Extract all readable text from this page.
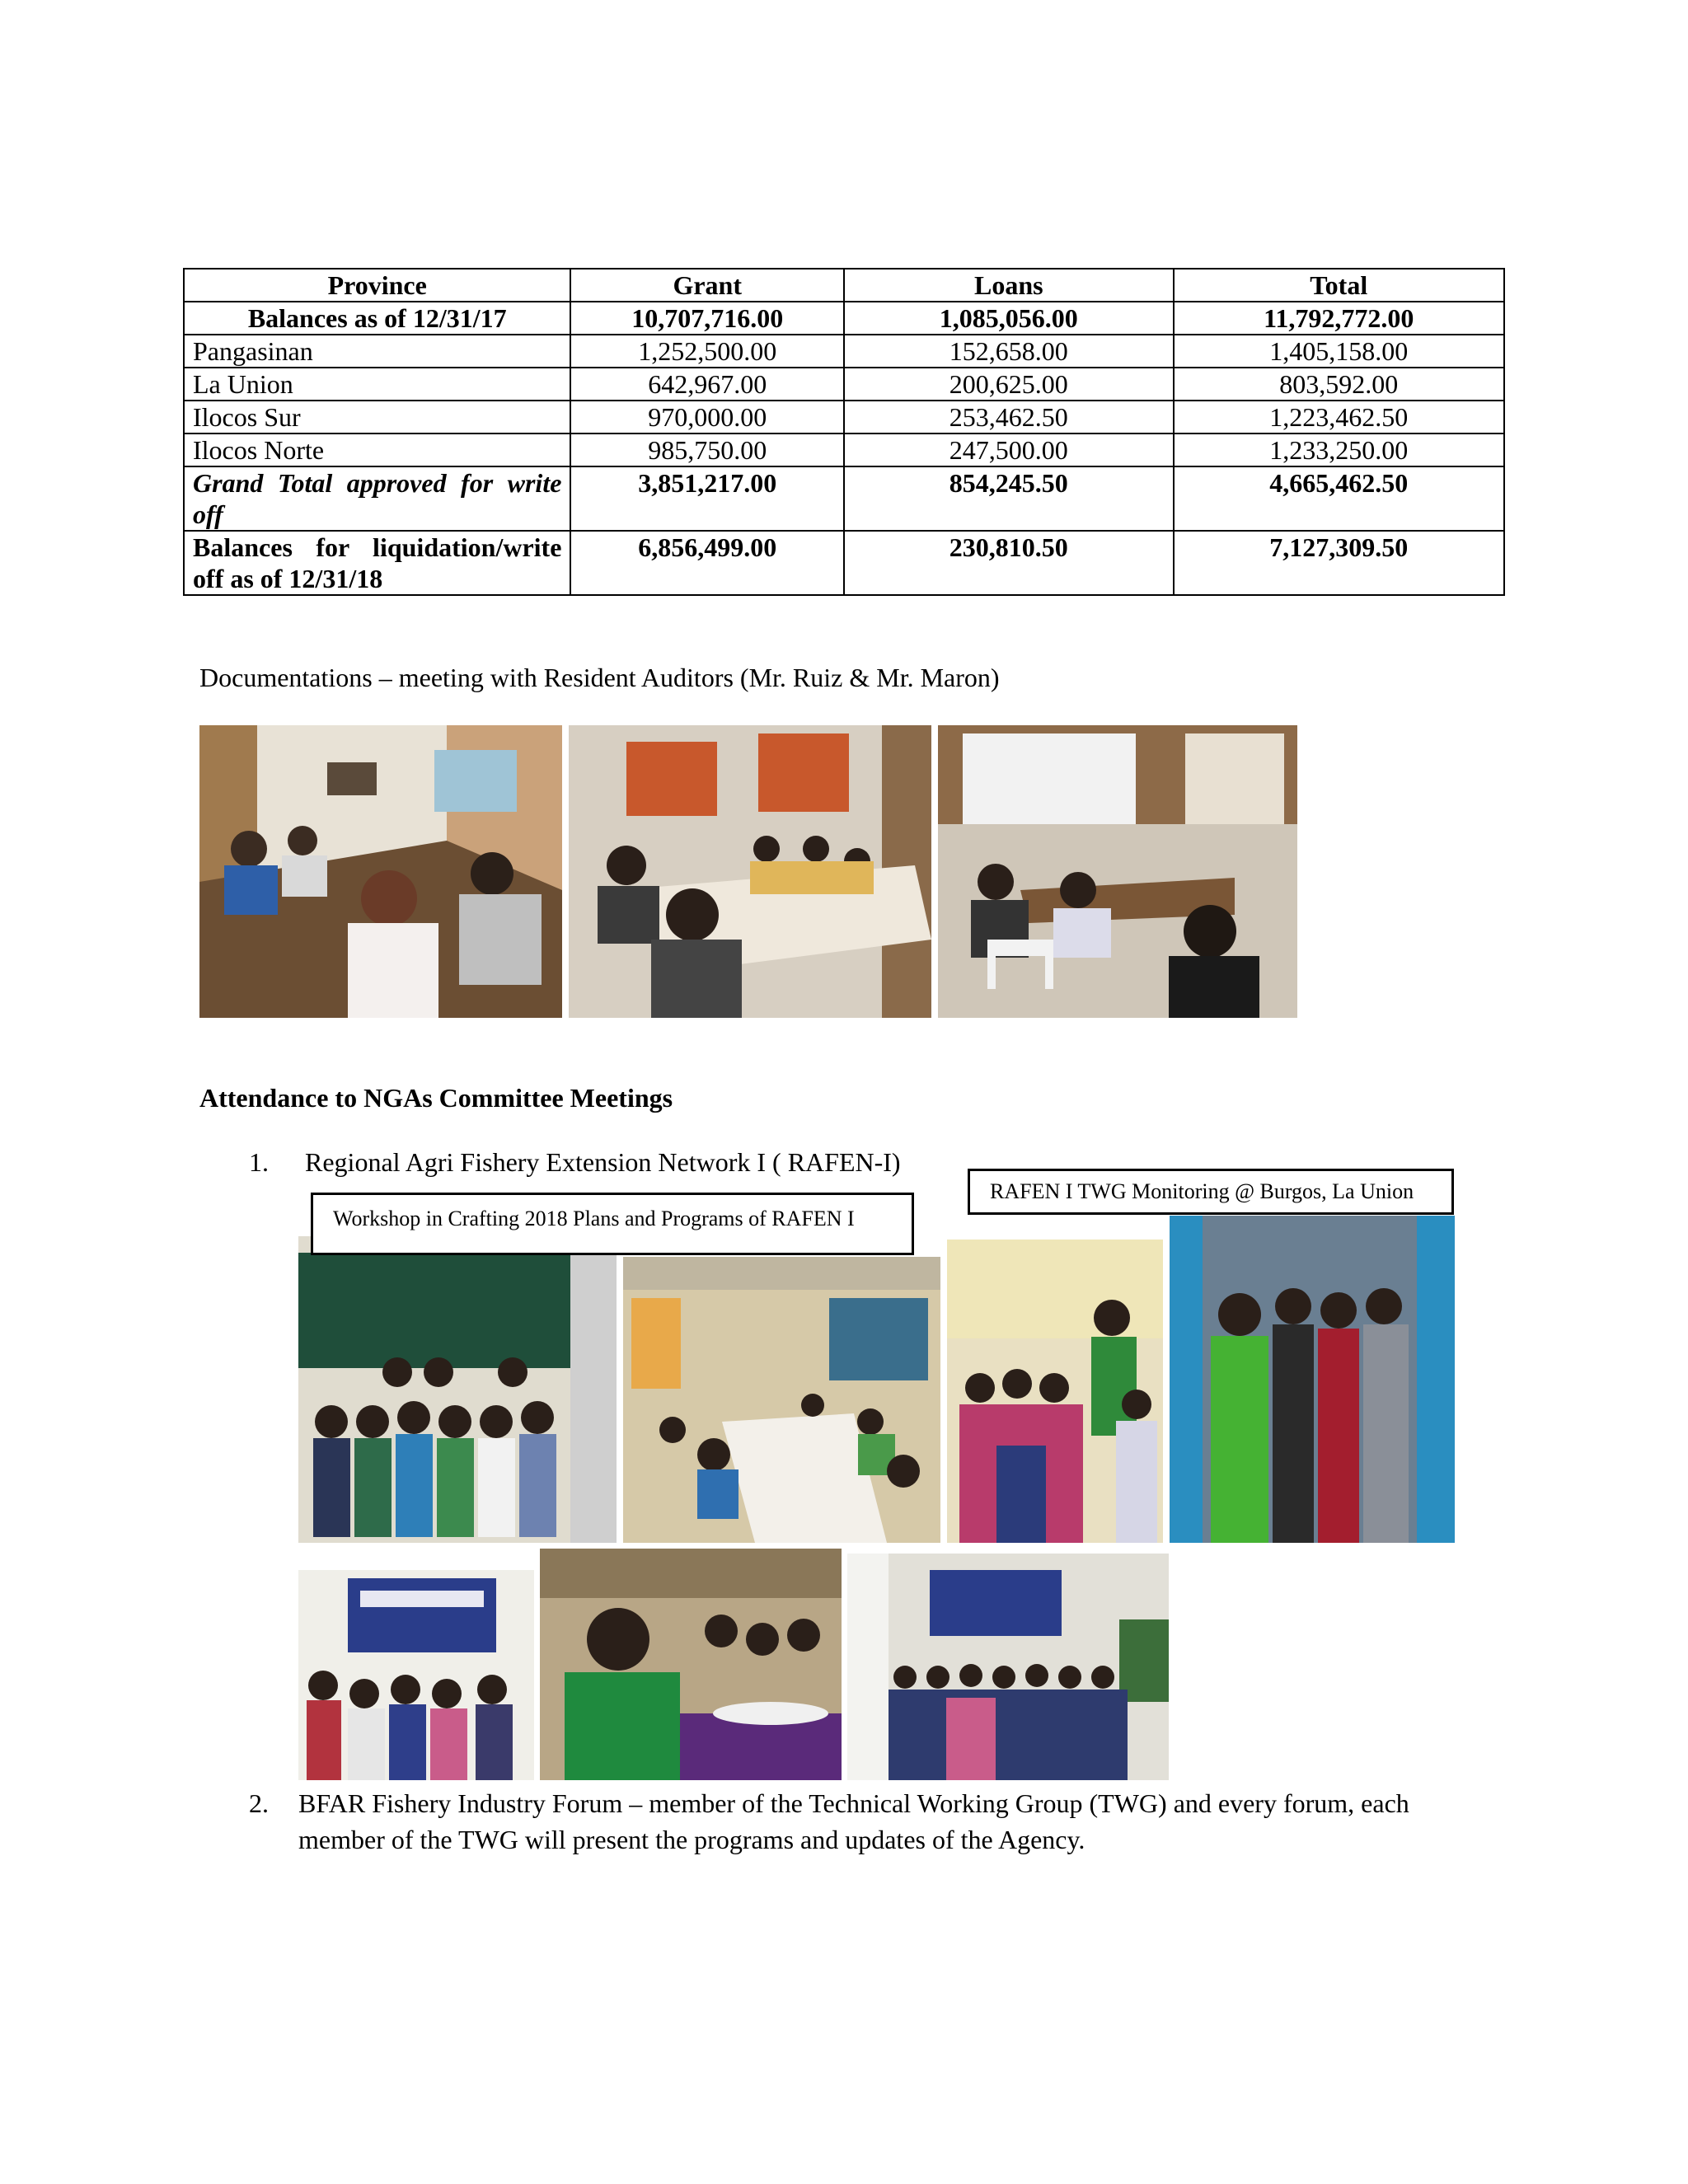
Province	Grant	Loans	Total
Balances as of 12/31/17	10,707,716.00	1,085,056.00	11,792,772.00
Pangasinan	1,252,500.00	152,658.00	1,405,158.00
La Union	642,967.00	200,625.00	803,592.00
Ilocos Sur	970,000.00	253,462.50	1,223,462.50
Ilocos Norte	985,750.00	247,500.00	1,233,250.00
Grand Total approved for write off	3,851,217.00	854,245.50	4,665,462.50
Balances for liquidation/write off as of 12/31/18	6,856,499.00	230,810.50	7,127,309.50
Documentations – meeting with Resident Auditors (Mr. Ruiz & Mr. Maron)
Attendance to NGAs Committee Meetings
1. Regional Agri Fishery Extension Network I ( RAFEN-I)
Workshop in Crafting 2018 Plans and Programs of RAFEN I
RAFEN I TWG Monitoring @ Burgos, La Union
2. BFAR Fishery Industry Forum – member of the Technical Working Group (TWG) and every forum, each
member of the TWG will present the programs and updates of the Agency.
